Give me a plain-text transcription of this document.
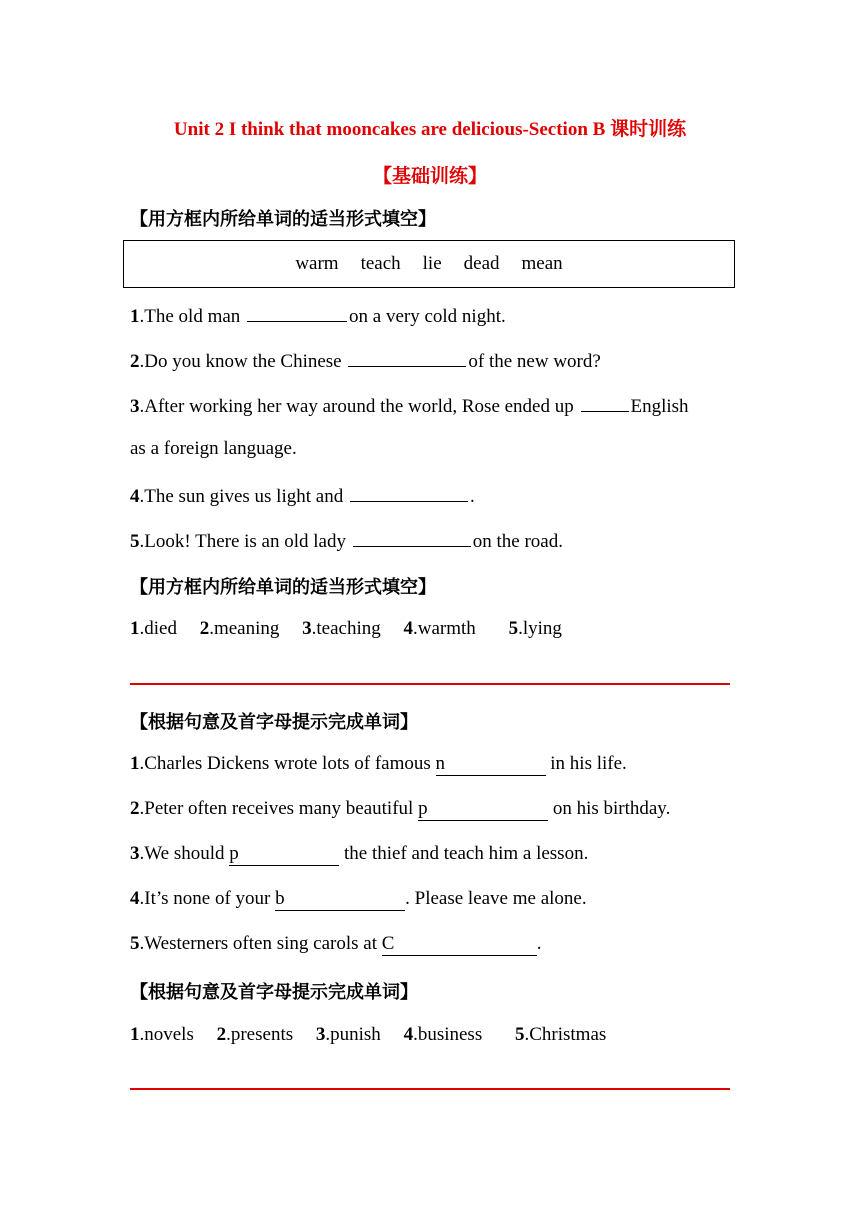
Unit 2 I think that mooncakes are delicious-Section B 课时训练
【基础训练】
【用方框内所给单词的适当形式填空】
warm teach lie dead mean
1.The old man	on a very cold night.
2.Do you know the Chinese	of the new word?
3.After working her way around the world, Rose ended up	English
as a foreign language.
4.The sun gives us light and	.
5.Look! There is an old lady	on the road.
【用方框内所给单词的适当形式填空】
1.died 2.meaning 3.teaching 4.warmth 5.lying
【根据句意及首字母提示完成单词】
1.Charles Dickens wrote lots of famous n	in his life.
2.Peter often receives many beautiful p	on his birthday.
3.We should p	the thief and teach him a lesson.
4.It’s none of your b	. Please leave me alone.
5.Westerners often sing carols at C	.
【根据句意及首字母提示完成单词】
1.novels 2.presents 3.punish 4.business 5.Christmas
